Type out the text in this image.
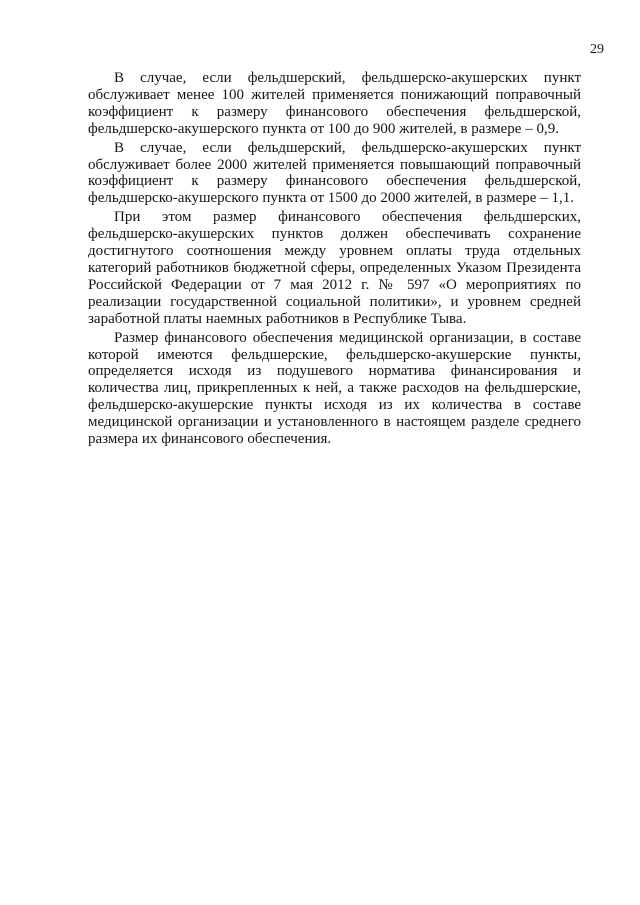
29

В случае, если фельдшерский, фельдшерско-акушерских пункт обслуживает менее 100 жителей применяется понижающий поправочный коэффициент к размеру финансового обеспечения фельдшерской, фельдшерско-акушерского пункта от 100 до 900 жителей, в размере – 0,9.

В случае, если фельдшерский, фельдшерско-акушерских пункт обслуживает более 2000 жителей применяется повышающий поправочный коэффициент к размеру финансового обеспечения фельдшерской, фельдшерско-акушерского пункта от 1500 до 2000 жителей, в размере – 1,1.

При этом размер финансового обеспечения фельдшерских, фельдшерско-акушерских пунктов должен обеспечивать сохранение достигнутого соотношения между уровнем оплаты труда отдельных категорий работников бюджетной сферы, определенных Указом Президента Российской Федерации от 7 мая 2012 г. № 597 «О мероприятиях по реализации государственной социальной политики», и уровнем средней заработной платы наемных работников в Республике Тыва.

Размер финансового обеспечения медицинской организации, в составе которой имеются фельдшерские, фельдшерско-акушерские пункты, определяется исходя из подушевого норматива финансирования и количества лиц, прикрепленных к ней, а также расходов на фельдшерские, фельдшерско-акушерские пункты исходя из их количества в составе медицинской организации и установленного в настоящем разделе среднего размера их финансового обеспечения.
